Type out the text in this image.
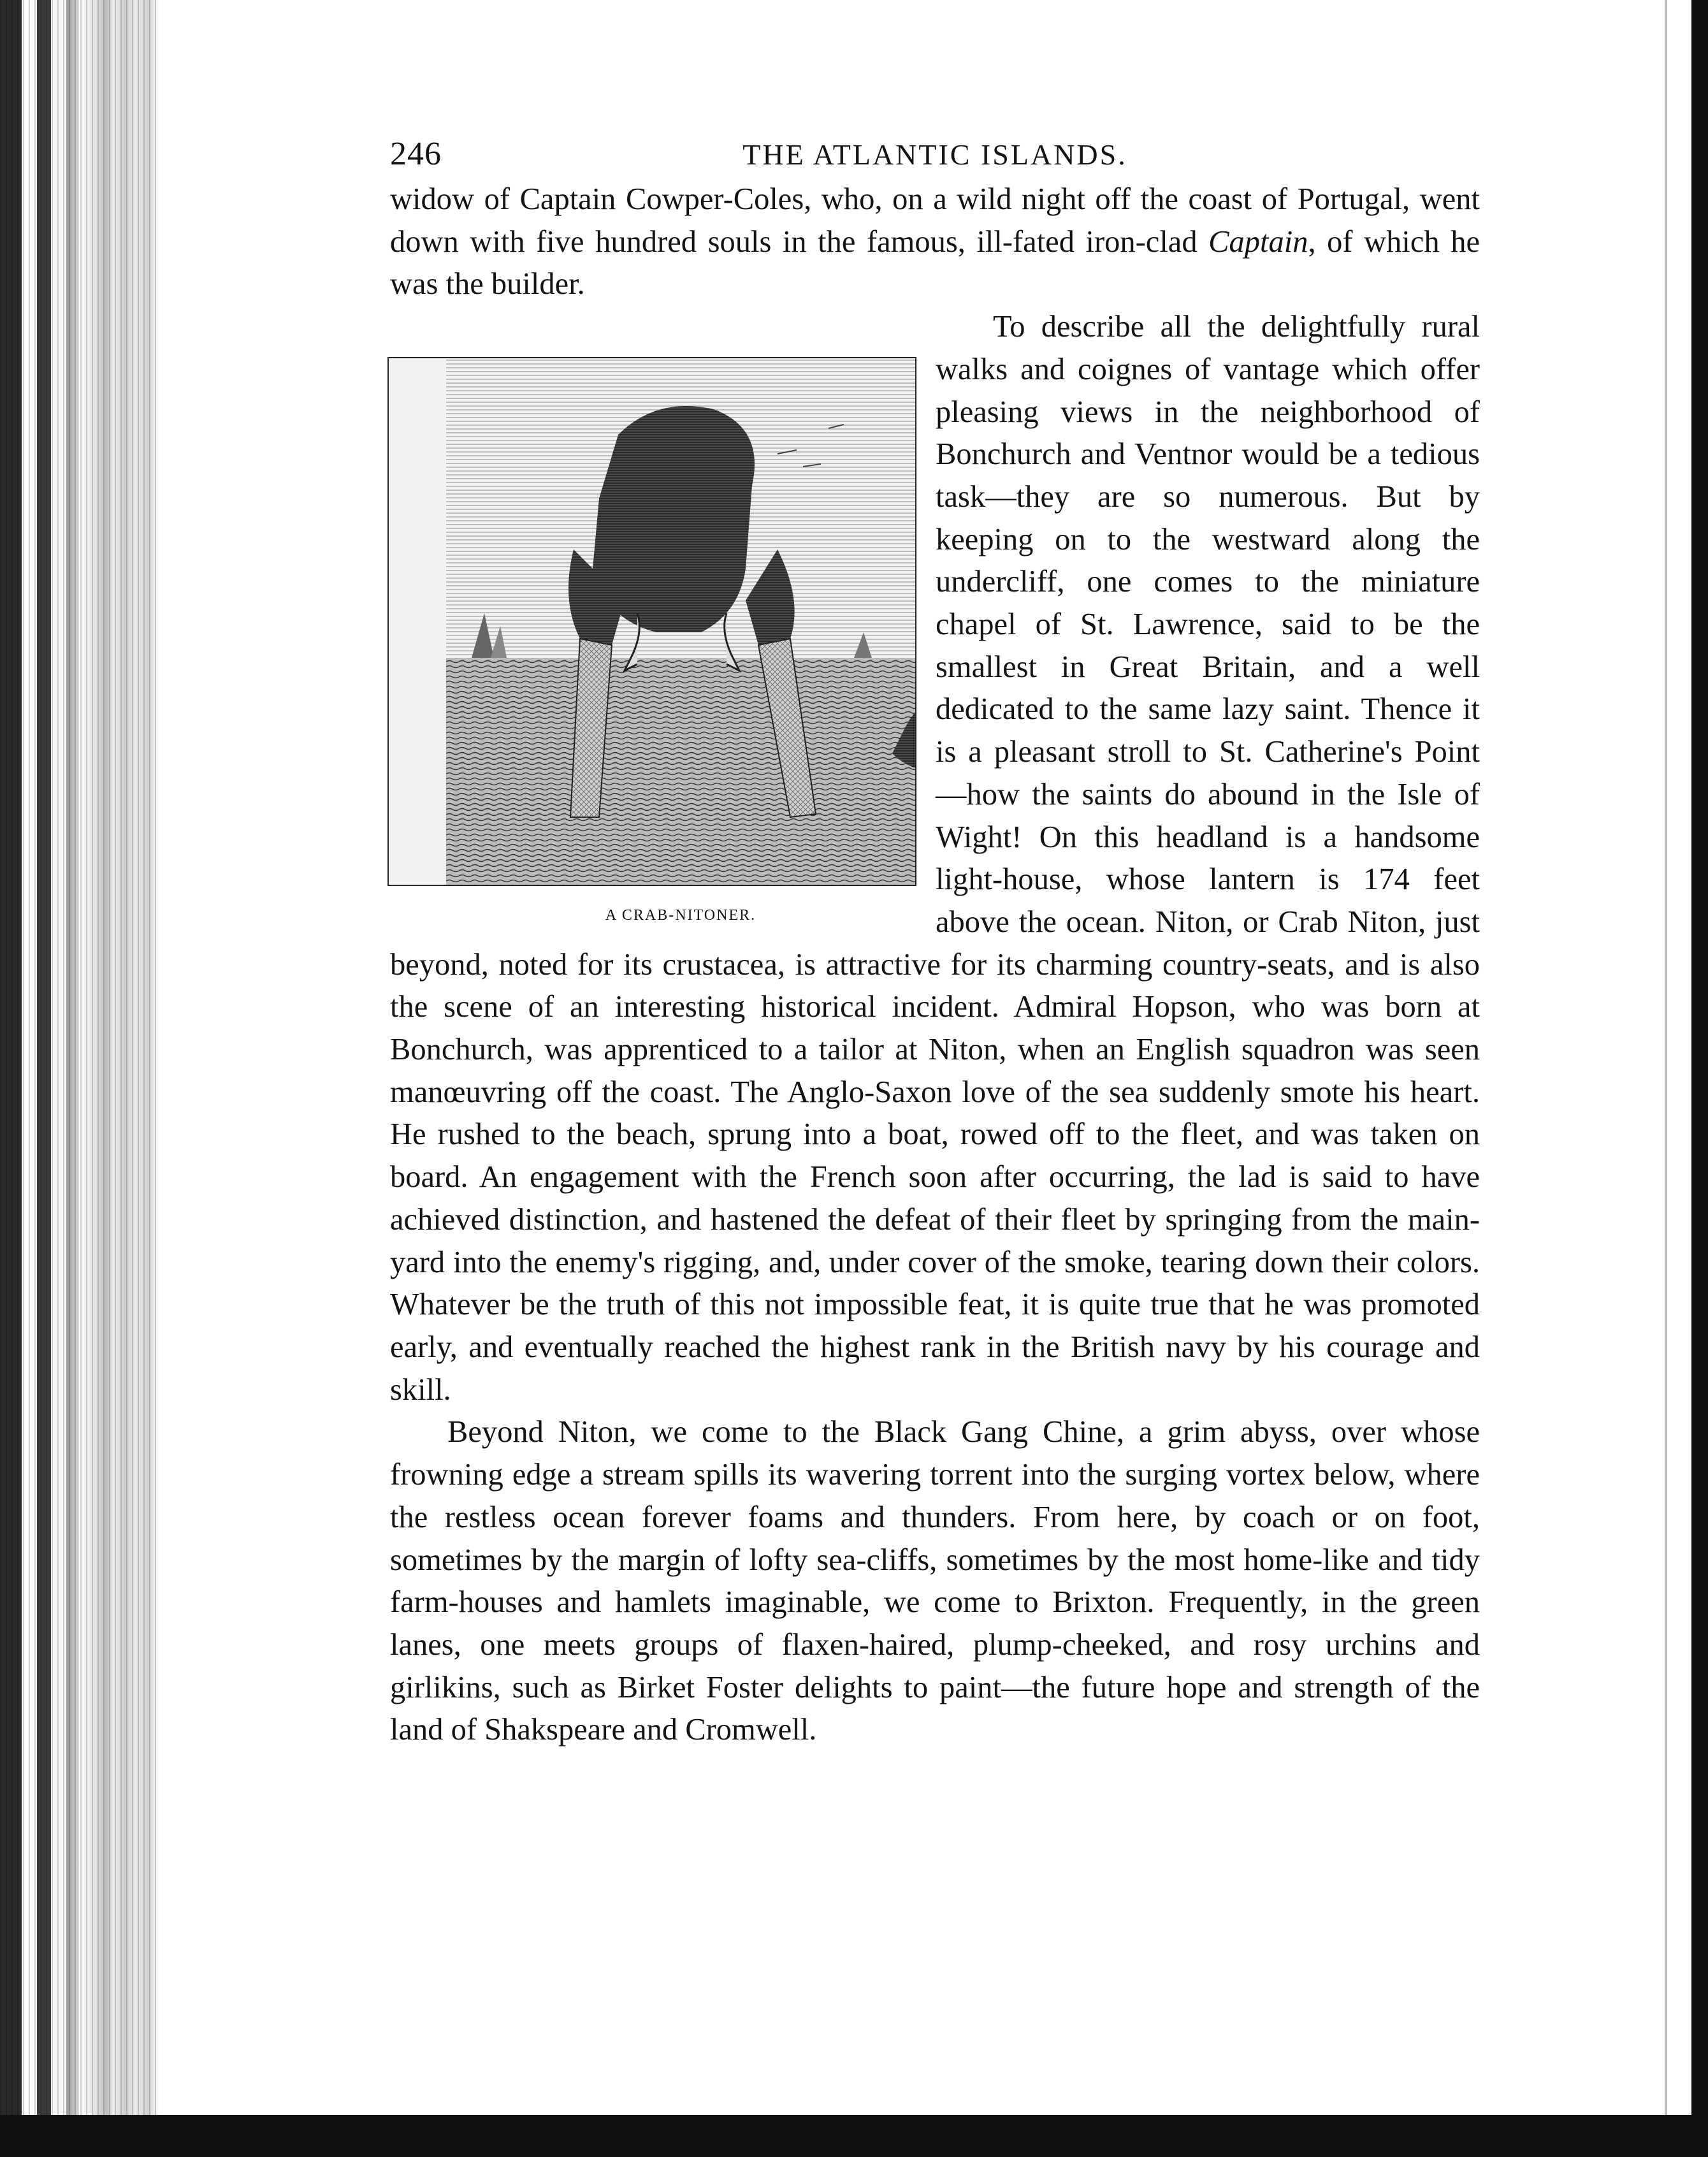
246	THE ATLANTIC ISLANDS.

widow of Captain Cowper-Coles, who, on a wild night off the coast of Portugal, went down with five hundred souls in the famous, ill-fated iron-clad Captain, of which he was the builder.

A CRAB-NITONER.
To describe all the delightfully rural walks and coignes of vantage which offer pleasing views in the neighborhood of Bonchurch and Ventnor would be a tedious task—they are so numerous. But by keeping on to the westward along the undercliff, one comes to the miniature chapel of St. Lawrence, said to be the smallest in Great Britain, and a well dedicated to the same lazy saint. Thence it is a pleasant stroll to St. Catherine's Point—how the saints do abound in the Isle of Wight! On this headland is a handsome light-house, whose lantern is 174 feet above the ocean. Niton, or Crab Niton, just beyond, noted for its crustacea, is attractive for its charming country-seats, and is also the scene of an interesting historical incident. Admiral Hopson, who was born at Bonchurch, was apprenticed to a tailor at Niton, when an English squadron was seen manœuvring off the coast. The Anglo-Saxon love of the sea suddenly smote his heart. He rushed to the beach, sprung into a boat, rowed off to the fleet, and was taken on board. An engagement with the French soon after occurring, the lad is said to have achieved distinction, and hastened the defeat of their fleet by springing from the main-yard into the enemy's rigging, and, under cover of the smoke, tearing down their colors. Whatever be the truth of this not impossible feat, it is quite true that he was promoted early, and eventually reached the highest rank in the British navy by his courage and skill.

Beyond Niton, we come to the Black Gang Chine, a grim abyss, over whose frowning edge a stream spills its wavering torrent into the surging vortex below, where the restless ocean forever foams and thunders. From here, by coach or on foot, sometimes by the margin of lofty sea-cliffs, sometimes by the most home-like and tidy farm-houses and hamlets imaginable, we come to Brixton. Frequently, in the green lanes, one meets groups of flaxen-haired, plump-cheeked, and rosy urchins and girlikins, such as Birket Foster delights to paint—the future hope and strength of the land of Shakspeare and Cromwell.
